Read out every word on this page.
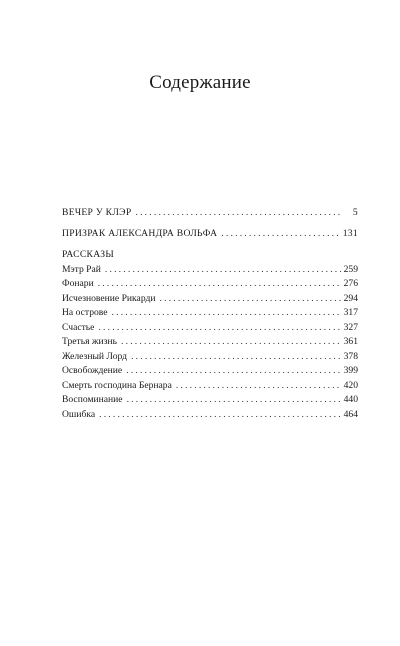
Содержание
ВЕЧЕР У КЛЭР .....	5
ПРИЗРАК АЛЕКСАНДРА ВОЛЬФА .....	131
РАССКАЗЫ
Мэтр Рай .....	259
Фонари .....	276
Исчезновение Рикарди .....	294
На острове .....	317
Счастье .....	327
Третья жизнь .....	361
Железный Лорд .....	378
Освобождение .....	399
Смерть господина Бернара .....	420
Воспоминание .....	440
Ошибка .....	464
